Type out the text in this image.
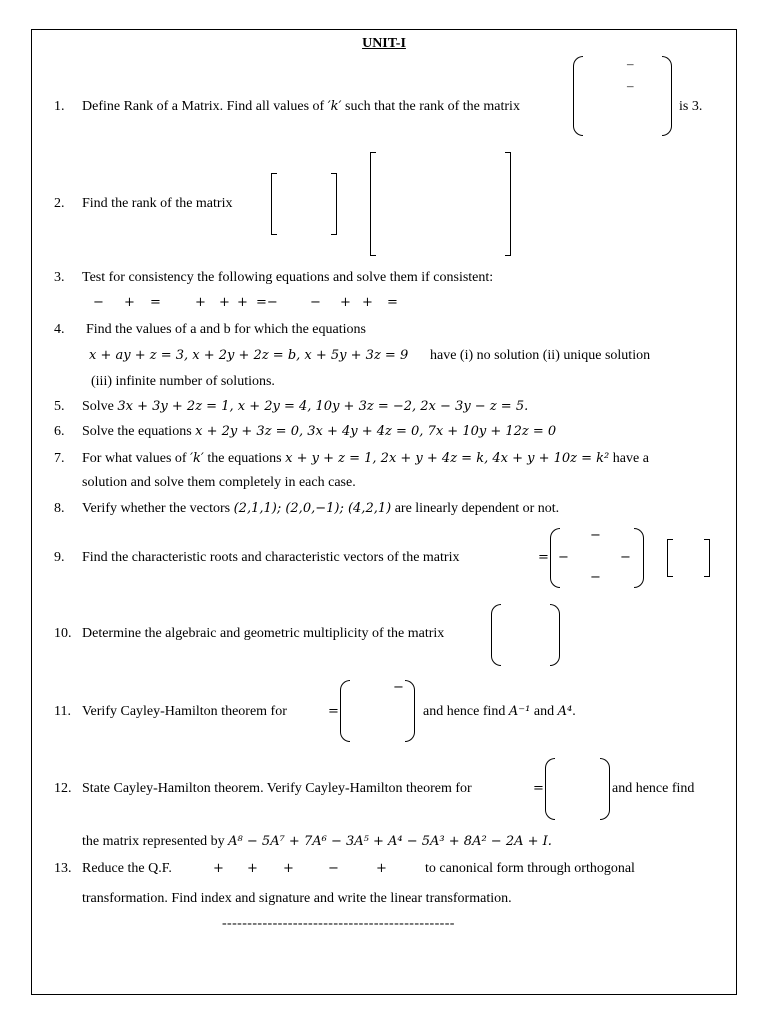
UNIT-I
1. Define Rank of a Matrix. Find all values of ′k′ such that the rank of the matrix
–
–
is 3.
2. Find the rank of the matrix
3. Test for consistency the following equations and solve them if consistent:
− + =	+ + + =− − + + =
4. Find the values of a and b for which the equations
x + ay + z = 3, x + 2y + 2z = b, x + 5y + 3z = 9 have (i) no solution (ii) unique solution
(iii) infinite number of solutions.
5. Solve 3x + 3y + 2z = 1, x + 2y = 4, 10y + 3z = −2, 2x − 3y − z = 5.
6. Solve the equations x + 2y + 3z = 0, 3x + 4y + 4z = 0, 7x + 10y + 12z = 0
7. For what values of ′k′ the equations x + y + z = 1, 2x + y + 4z = k, 4x + y + 10z = k² have a
solution and solve them completely in each case.
8. Verify whether the vectors (2,1,1); (2,0,−1); (4,2,1) are linearly dependent or not.
9. Find the characteristic roots and characteristic vectors of the matrix	= −
−
−
−
10. Determine the algebraic and geometric multiplicity of the matrix
11. Verify Cayley-Hamilton theorem for	=
−
and hence find A⁻¹ and A⁴.
12. State Cayley-Hamilton theorem. Verify Cayley-Hamilton theorem for	=	and hence find
the matrix represented by A⁸ − 5A⁷ + 7A⁶ − 3A⁵ + A⁴ − 5A³ + 8A² − 2A + I.
13. Reduce the Q.F.	+ + +	−	+	to canonical form through orthogonal
transformation. Find index and signature and write the linear transformation.
----------------------------------------------
